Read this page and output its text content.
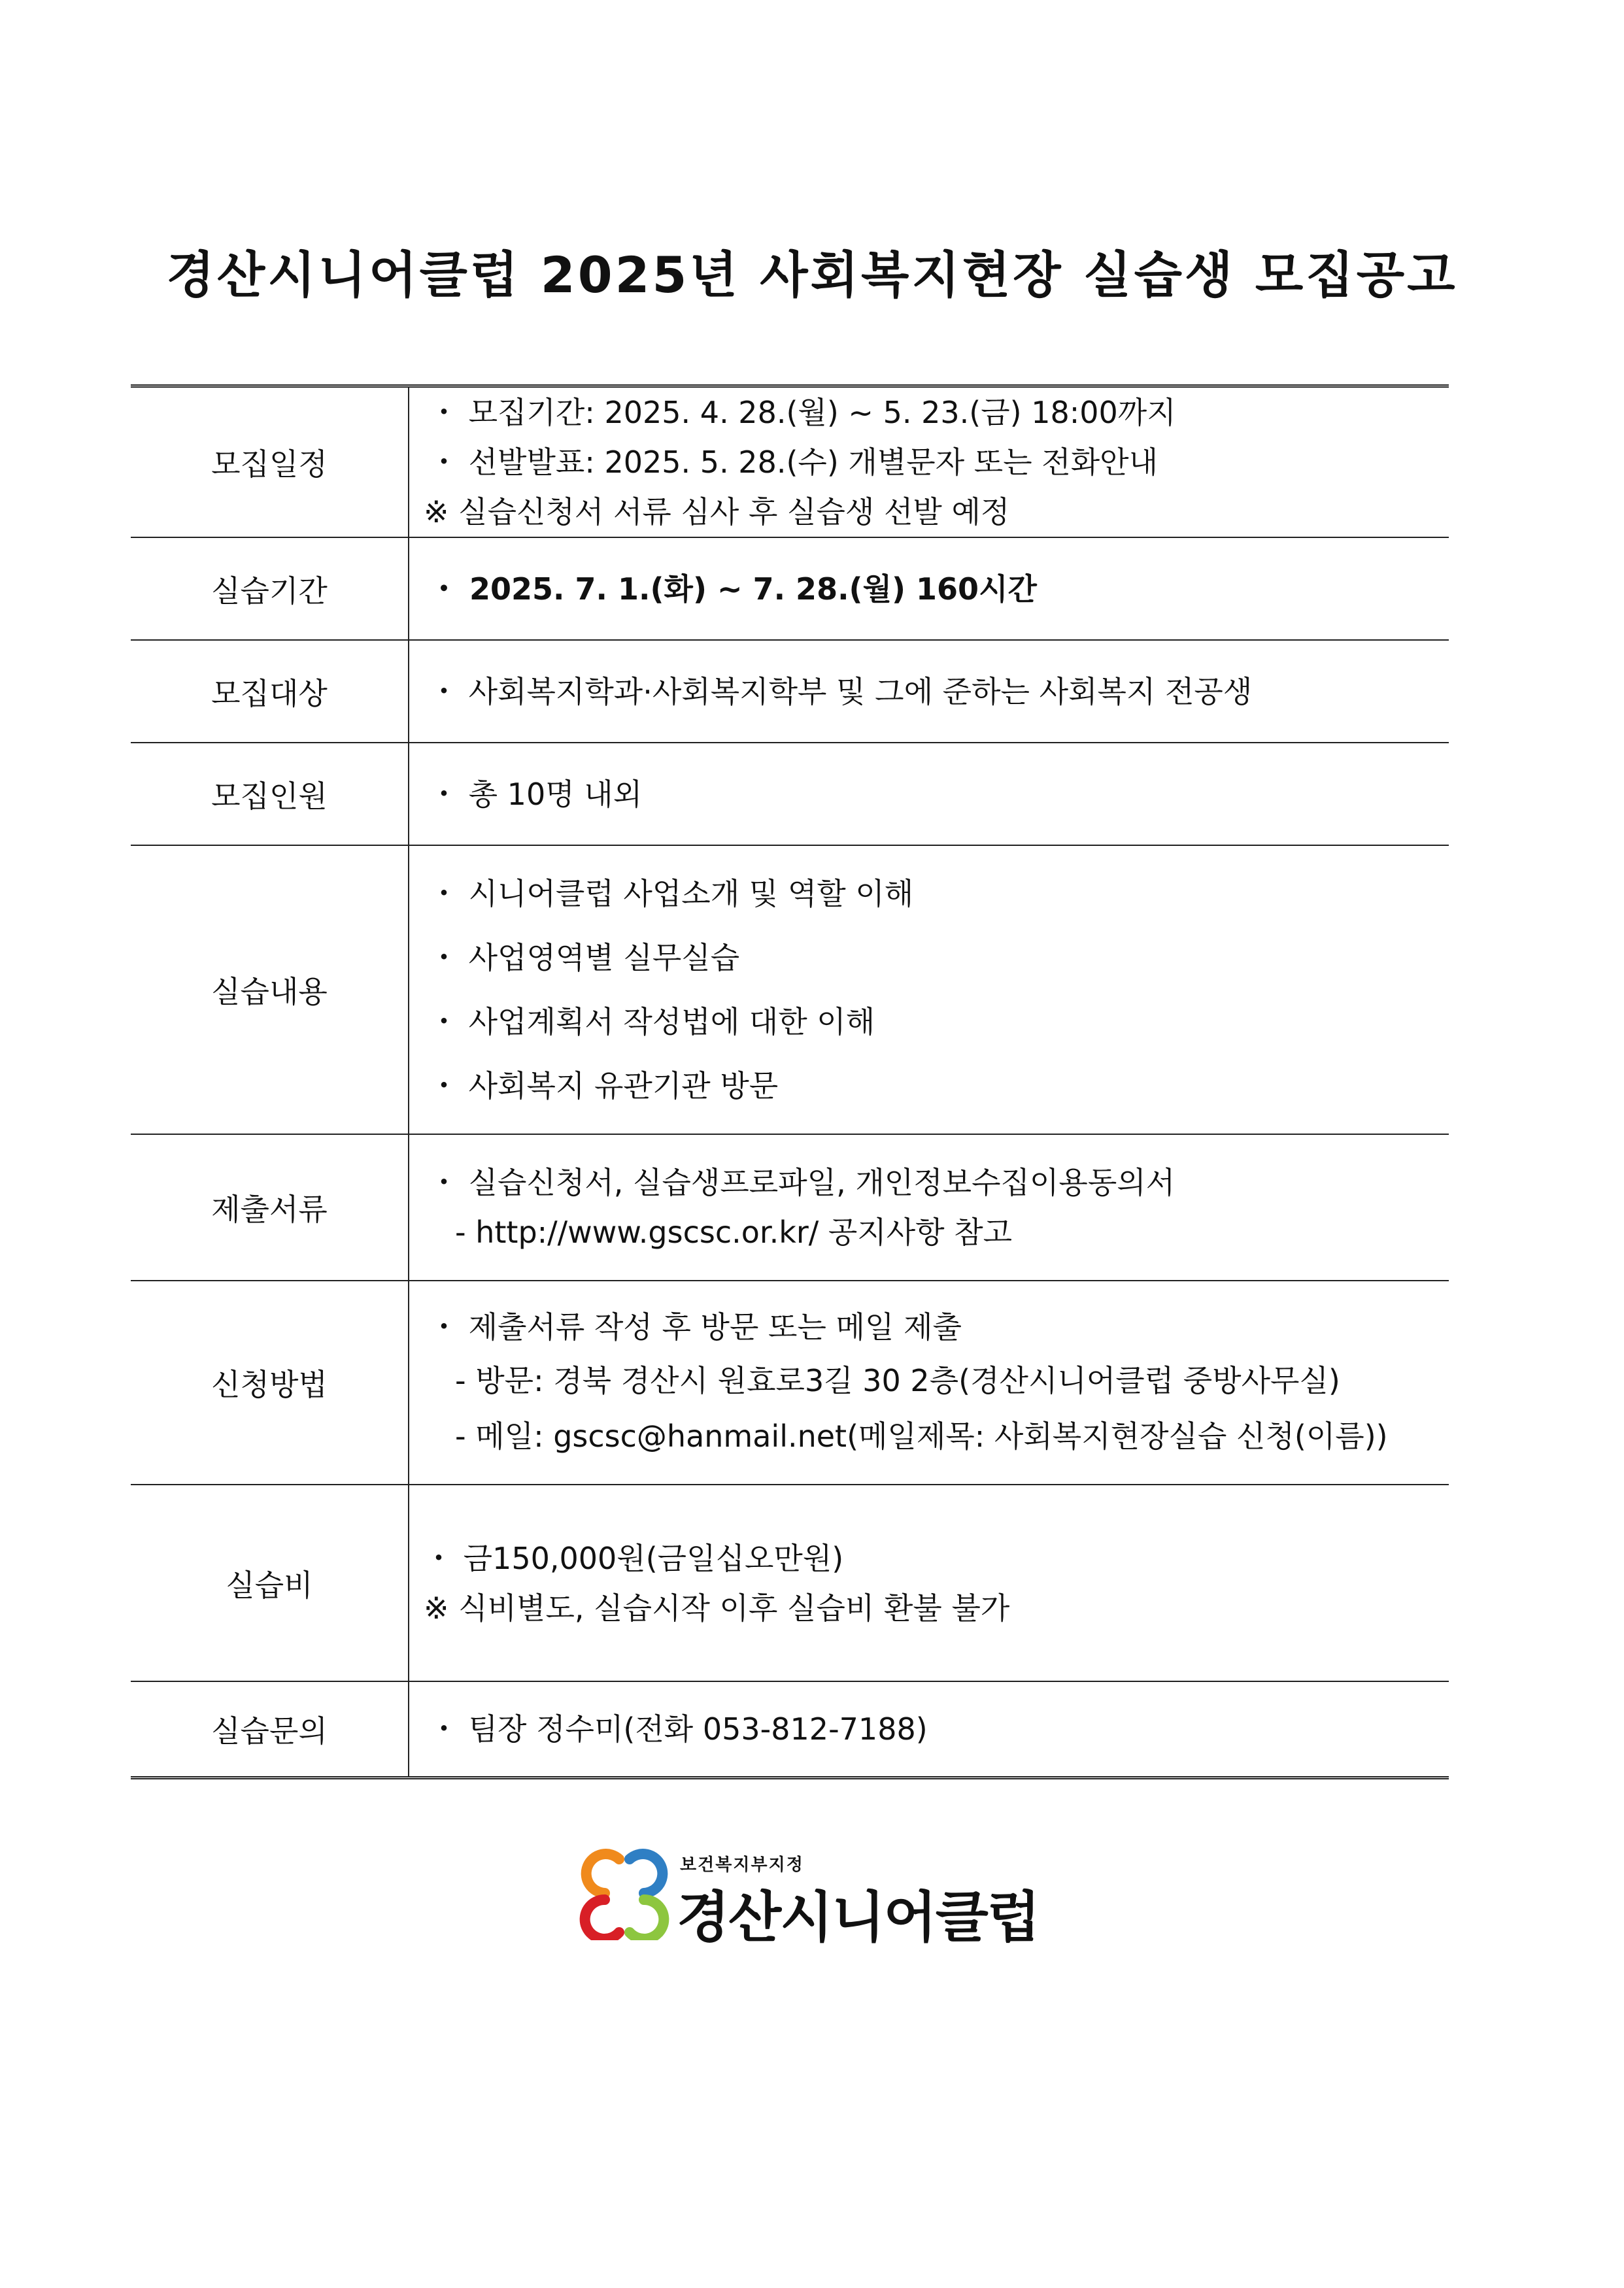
경산시니어클럽 2025년 사회복지현장 실습생 모집공고
모집일정	・ 모집기간: 2025. 4. 28.(월) ~ 5. 23.(금) 18:00까지
・ 선발발표: 2025. 5. 28.(수) 개별문자 또는 전화안내
※ 실습신청서 서류 심사 후 실습생 선발 예정

실습기간	・ 2025. 7. 1.(화) ~ 7. 28.(월) 160시간

모집대상	・ 사회복지학과·사회복지학부 및 그에 준하는 사회복지 전공생

모집인원	・ 총 10명 내외

실습내용	・ 시니어클럽 사업소개 및 역할 이해
・ 사업영역별 실무실습
・ 사업계획서 작성법에 대한 이해
・ 사회복지 유관기관 방문

제출서류	・ 실습신청서, 실습생프로파일, 개인정보수집이용동의서
- http://www.gscsc.or.kr/ 공지사항 참고

신청방법	・ 제출서류 작성 후 방문 또는 메일 제출
- 방문: 경북 경산시 원효로3길 30 2층(경산시니어클럽 중방사무실)
- 메일: gscsc@hanmail.net(메일제목: 사회복지현장실습 신청(이름))

실습비	・ 금150,000원(금일십오만원)
※ 식비별도, 실습시작 이후 실습비 환불 불가

실습문의	・ 팀장 정수미(전화 053-812-7188)
보건복지부지정
경산시니어클럽
